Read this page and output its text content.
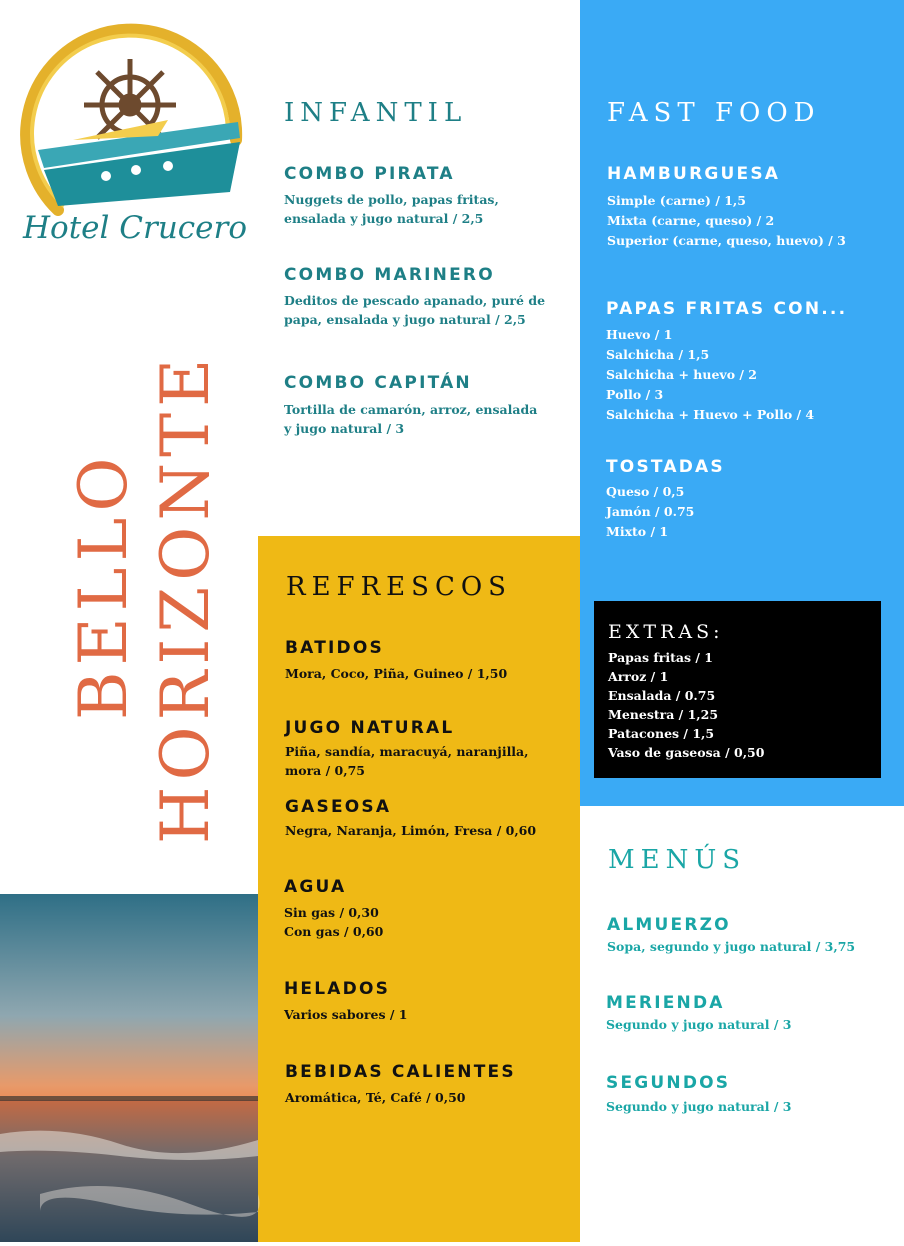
Hotel Crucero
BELLO HORIZONTE
INFANTIL
COMBO PIRATA
Nuggets de pollo, papas fritas,
ensalada y jugo natural / 2,5
COMBO MARINERO
Deditos de pescado apanado, puré de
papa, ensalada y jugo natural / 2,5
COMBO CAPITÁN
Tortilla de camarón, arroz, ensalada
y jugo natural / 3
FAST FOOD
HAMBURGUESA
Simple (carne) / 1,5
Mixta (carne, queso) / 2
Superior (carne, queso, huevo) / 3
PAPAS FRITAS CON...
Huevo / 1
Salchicha / 1,5
Salchicha + huevo / 2
Pollo / 3
Salchicha + Huevo + Pollo / 4
TOSTADAS
Queso / 0,5
Jamón / 0.75
Mixto / 1
EXTRAS:
Papas fritas / 1
Arroz / 1
Ensalada / 0.75
Menestra / 1,25
Patacones / 1,5
Vaso de gaseosa / 0,50
REFRESCOS
BATIDOS
Mora, Coco, Piña, Guineo / 1,50
JUGO NATURAL
Piña, sandía, maracuyá, naranjilla,
mora / 0,75
GASEOSA
Negra, Naranja, Limón, Fresa / 0,60
AGUA
Sin gas / 0,30
Con gas / 0,60
HELADOS
Varios sabores / 1
BEBIDAS CALIENTES
Aromática, Té, Café / 0,50
MENÚS
ALMUERZO
Sopa, segundo y jugo natural / 3,75
MERIENDA
Segundo y jugo natural / 3
SEGUNDOS
Segundo y jugo natural / 3
